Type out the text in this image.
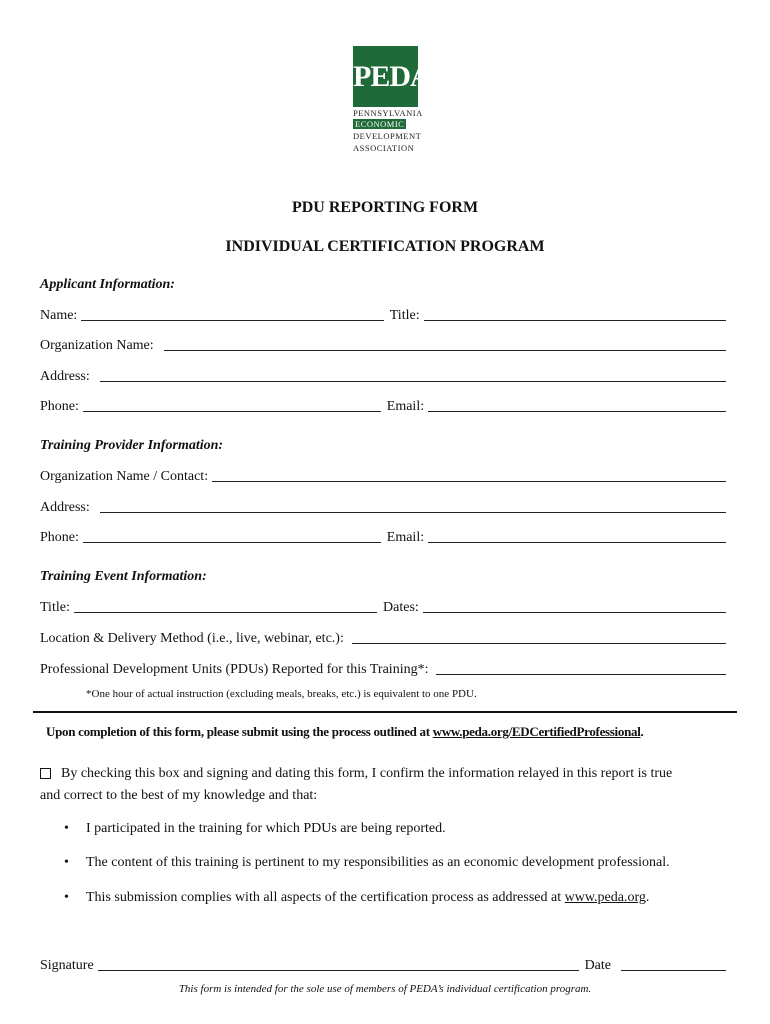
PEDA
PENNSYLVANIA
ECONOMIC
DEVELOPMENT
ASSOCIATION
PDU REPORTING FORM
INDIVIDUAL CERTIFICATION PROGRAM
Applicant Information:
Name:	Title:
Organization Name:
Address:
Phone:	Email:
Training Provider Information:
Organization Name / Contact:
Address:
Phone:	Email:
Training Event Information:
Title:	Dates:
Location & Delivery Method (i.e., live, webinar, etc.):
Professional Development Units (PDUs) Reported for this Training*:
*One hour of actual instruction (excluding meals, breaks, etc.) is equivalent to one PDU.
Upon completion of this form, please submit using the process outlined at www.peda.org/EDCertifiedProfessional.
By checking this box and signing and dating this form, I confirm the information relayed in this report is true
and correct to the best of my knowledge and that:
•	I participated in the training for which PDUs are being reported.
•	The content of this training is pertinent to my responsibilities as an economic development professional.
•	This submission complies with all aspects of the certification process as addressed at www.peda.org.
Signature	Date
This form is intended for the sole use of members of PEDA’s individual certification program.
